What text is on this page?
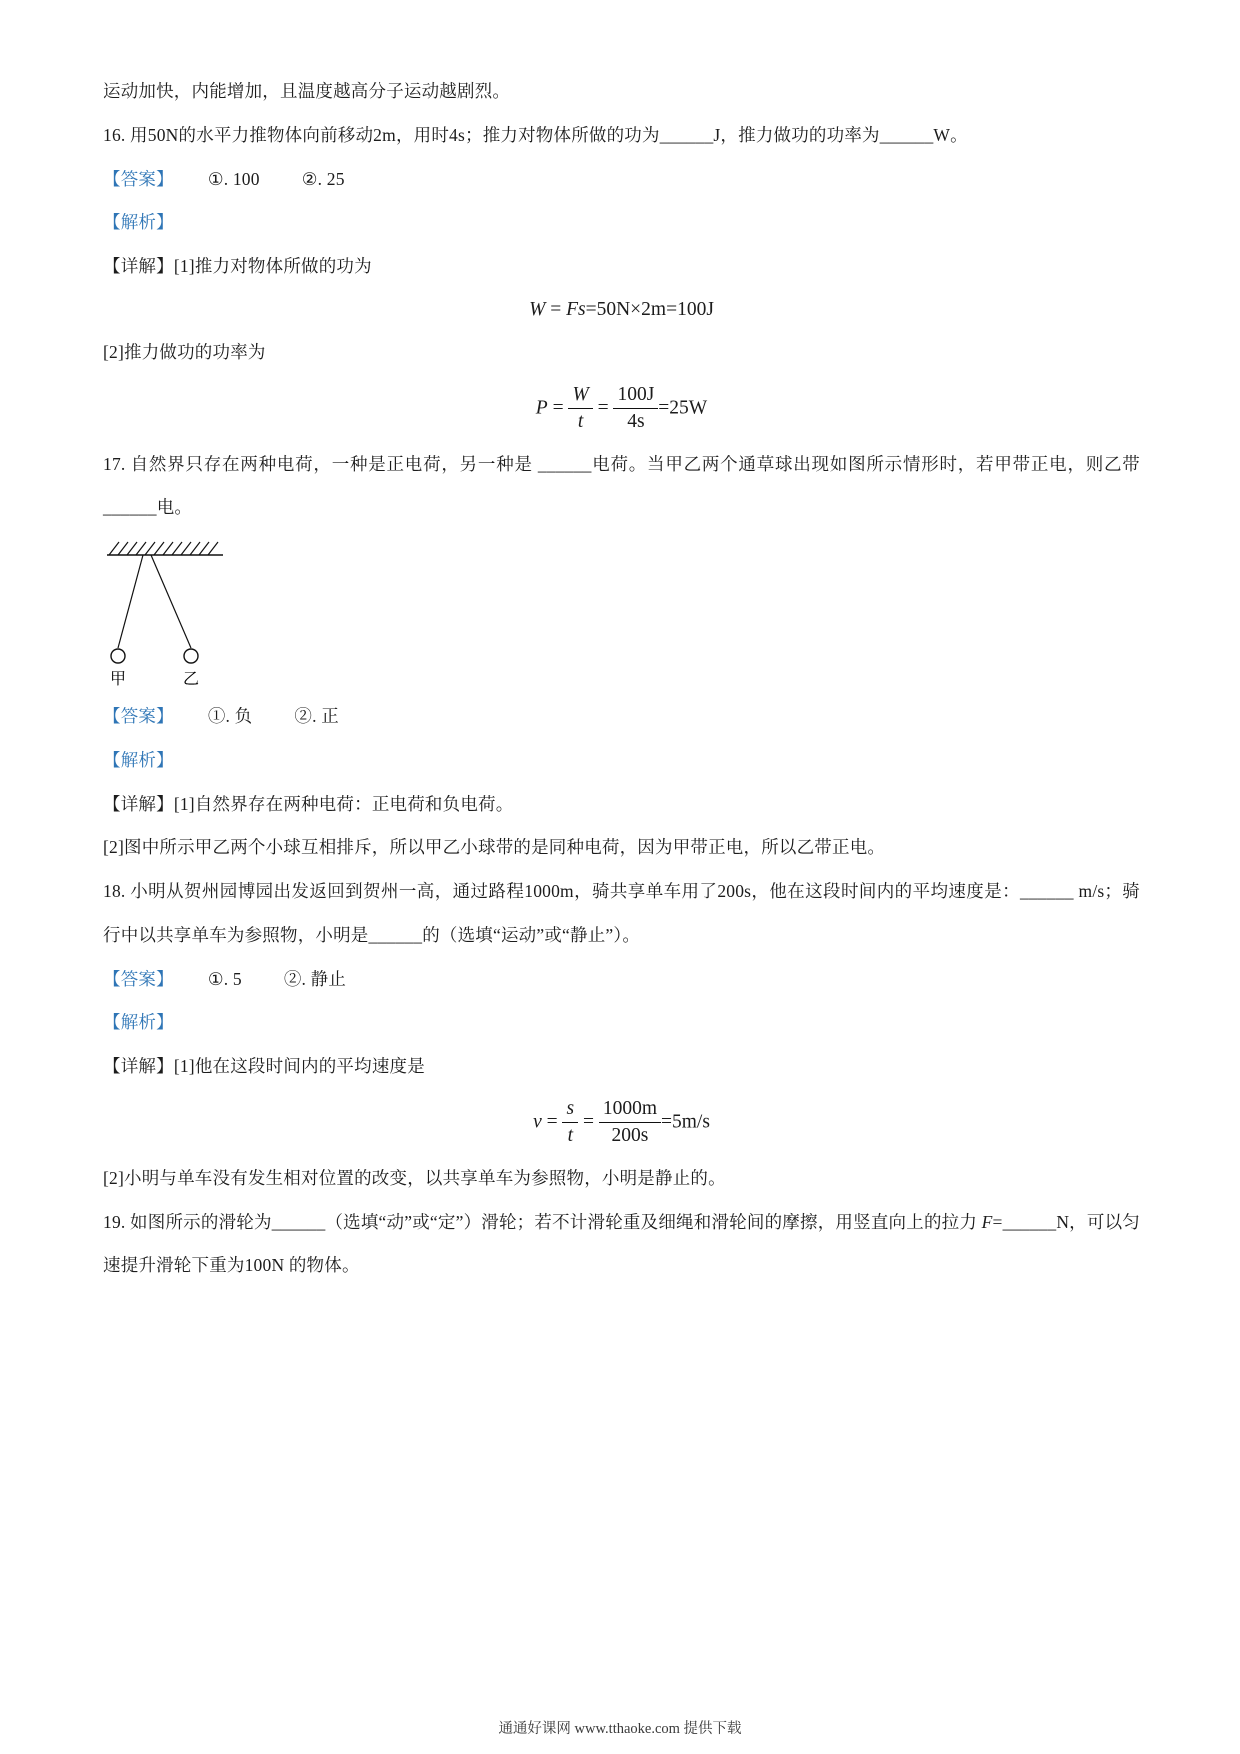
运动加快，内能增加，且温度越高分子运动越剧烈。

16. 用50N的水平力推物体向前移动2m，用时4s；推力对物体所做的功为______J，推力做功的功率为______W。

【答案】 ①. 100 ②. 25

【解析】

【详解】[1]推力对物体所做的功为

W = Fs=50N×2m=100J

[2]推力做功的功率为

$P = \frac{W}{t} = \frac{100J}{4s} =25W$

17. 自然界只存在两种电荷，一种是正电荷，另一种是 ______电荷。当甲乙两个通草球出现如图所示情形时，若甲带正电，则乙带 ______电。

甲	乙

【答案】 ①. 负 ②. 正

【解析】

【详解】[1]自然界存在两种电荷：正电荷和负电荷。

[2]图中所示甲乙两个小球互相排斥，所以甲乙小球带的是同种电荷，因为甲带正电，所以乙带正电。

18. 小明从贺州园博园出发返回到贺州一高，通过路程1000m，骑共享单车用了200s，他在这段时间内的平均速度是：______ m/s；骑行中以共享单车为参照物，小明是______的（选填“运动”或“静止”）。

【答案】 ①. 5 ②. 静止

【解析】

【详解】[1]他在这段时间内的平均速度是

$v = \frac{s}{t} = \frac{1000m}{200s} =5m/s$

[2]小明与单车没有发生相对位置的改变，以共享单车为参照物，小明是静止的。

19. 如图所示的滑轮为______（选填“动”或“定”）滑轮；若不计滑轮重及细绳和滑轮间的摩擦，用竖直向上的拉力 F=______N，可以匀速提升滑轮下重为100N 的物体。

通通好课网 www.tthaoke.com 提供下载
